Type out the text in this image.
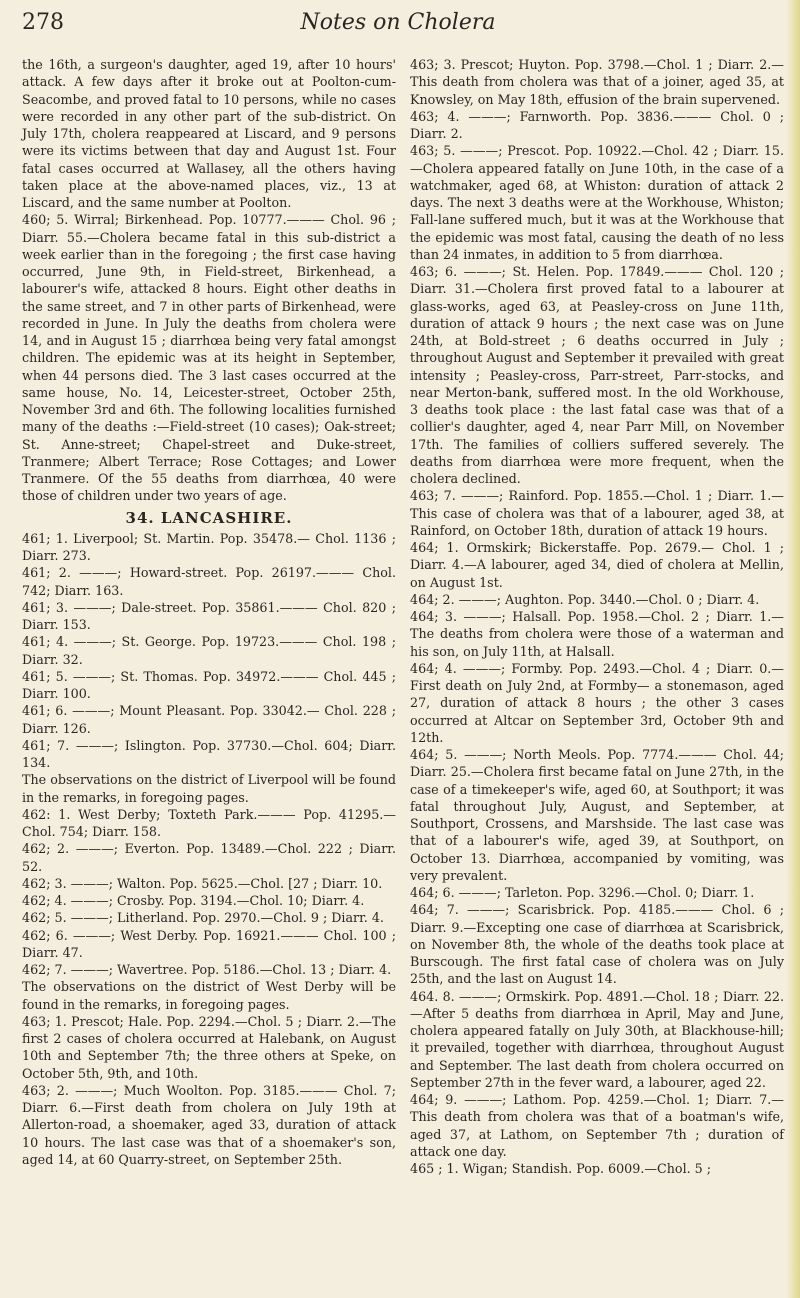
278	Notes on Cholera

the 16th, a surgeon's daughter, aged 19, after 10 hours' attack. A few days after it broke out at Poolton-cum-Seacombe, and proved fatal to 10 persons, while no cases were recorded in any other part of the sub-district. On July 17th, cholera reappeared at Liscard, and 9 persons were its victims between that day and August 1st. Four fatal cases occurred at Wallasey, all the others having taken place at the above-named places, viz., 13 at Liscard, and the same number at Poolton.

460; 5. Wirral; Birkenhead. Pop. 10777.——— Chol. 96 ; Diarr. 55.—Cholera became fatal in this sub-district a week earlier than in the foregoing ; the first case having occurred, June 9th, in Field-street, Birkenhead, a labourer's wife, attacked 8 hours. Eight other deaths in the same street, and 7 in other parts of Birkenhead, were recorded in June. In July the deaths from cholera were 14, and in August 15 ; diarrhœa being very fatal amongst children. The epidemic was at its height in September, when 44 persons died. The 3 last cases occurred at the same house, No. 14, Leicester-street, October 25th, November 3rd and 6th. The following localities furnished many of the deaths :—Field-street (10 cases); Oak-street; St. Anne-street; Chapel-street and Duke-street, Tranmere; Albert Terrace; Rose Cottages; and Lower Tranmere. Of the 55 deaths from diarrhœa, 40 were those of children under two years of age.

34. LANCASHIRE.

461; 1. Liverpool; St. Martin. Pop. 35478.— Chol. 1136 ; Diarr. 273.

461; 2. ———; Howard-street. Pop. 26197.——— Chol. 742; Diarr. 163.

461; 3. ———; Dale-street. Pop. 35861.——— Chol. 820 ; Diarr. 153.

461; 4. ———; St. George. Pop. 19723.——— Chol. 198 ; Diarr. 32.

461; 5. ———; St. Thomas. Pop. 34972.——— Chol. 445 ; Diarr. 100.

461; 6. ———; Mount Pleasant. Pop. 33042.— Chol. 228 ; Diarr. 126.

461; 7. ———; Islington. Pop. 37730.—Chol. 604; Diarr. 134.

The observations on the district of Liverpool will be found in the remarks, in foregoing pages.

462: 1. West Derby; Toxteth Park.——— Pop. 41295.—Chol. 754; Diarr. 158.

462; 2. ———; Everton. Pop. 13489.—Chol. 222 ; Diarr. 52.

462; 3. ———; Walton. Pop. 5625.—Chol. [27 ; Diarr. 10.

462; 4. ———; Crosby. Pop. 3194.—Chol. 10; Diarr. 4.

462; 5. ———; Litherland. Pop. 2970.—Chol. 9 ; Diarr. 4.

462; 6. ———; West Derby. Pop. 16921.——— Chol. 100 ; Diarr. 47.

462; 7. ———; Wavertree. Pop. 5186.—Chol. 13 ; Diarr. 4.

The observations on the district of West Derby will be found in the remarks, in foregoing pages.

463; 1. Prescot; Hale. Pop. 2294.—Chol. 5 ; Diarr. 2.—The first 2 cases of cholera occurred at Halebank, on August 10th and September 7th; the three others at Speke, on October 5th, 9th, and 10th.

463; 2. ———; Much Woolton. Pop. 3185.——— Chol. 7; Diarr. 6.—First death from cholera on July 19th at Allerton-road, a shoemaker, aged 33, duration of attack 10 hours. The last case was that of a shoemaker's son, aged 14, at 60 Quarry-street, on September 25th.

463; 3. Prescot; Huyton. Pop. 3798.—Chol. 1 ; Diarr. 2.—This death from cholera was that of a joiner, aged 35, at Knowsley, on May 18th, effusion of the brain supervened.

463; 4. ———; Farnworth. Pop. 3836.——— Chol. 0 ; Diarr. 2.

463; 5. ———; Prescot. Pop. 10922.—Chol. 42 ; Diarr. 15.—Cholera appeared fatally on June 10th, in the case of a watchmaker, aged 68, at Whiston: duration of attack 2 days. The next 3 deaths were at the Workhouse, Whiston; Fall-lane suffered much, but it was at the Workhouse that the epidemic was most fatal, causing the death of no less than 24 inmates, in addition to 5 from diarrhœa.

463; 6. ———; St. Helen. Pop. 17849.——— Chol. 120 ; Diarr. 31.—Cholera first proved fatal to a labourer at glass-works, aged 63, at Peasley-cross on June 11th, duration of attack 9 hours ; the next case was on June 24th, at Bold-street ; 6 deaths occurred in July ; throughout August and September it prevailed with great intensity ; Peasley-cross, Parr-street, Parr-stocks, and near Merton-bank, suffered most. In the old Workhouse, 3 deaths took place : the last fatal case was that of a collier's daughter, aged 4, near Parr Mill, on November 17th. The families of colliers suffered severely. The deaths from diarrhœa were more frequent, when the cholera declined.

463; 7. ———; Rainford. Pop. 1855.—Chol. 1 ; Diarr. 1.—This case of cholera was that of a labourer, aged 38, at Rainford, on October 18th, duration of attack 19 hours.

464; 1. Ormskirk; Bickerstaffe. Pop. 2679.— Chol. 1 ; Diarr. 4.—A labourer, aged 34, died of cholera at Mellin, on August 1st.

464; 2. ———; Aughton. Pop. 3440.—Chol. 0 ; Diarr. 4.

464; 3. ———; Halsall. Pop. 1958.—Chol. 2 ; Diarr. 1.—The deaths from cholera were those of a waterman and his son, on July 11th, at Halsall.

464; 4. ———; Formby. Pop. 2493.—Chol. 4 ; Diarr. 0.—First death on July 2nd, at Formby— a stonemason, aged 27, duration of attack 8 hours ; the other 3 cases occurred at Altcar on September 3rd, October 9th and 12th.

464; 5. ———; North Meols. Pop. 7774.——— Chol. 44; Diarr. 25.—Cholera first became fatal on June 27th, in the case of a timekeeper's wife, aged 60, at Southport; it was fatal throughout July, August, and September, at Southport, Crossens, and Marshside. The last case was that of a labourer's wife, aged 39, at Southport, on October 13. Diarrhœa, accompanied by vomiting, was very prevalent.

464; 6. ———; Tarleton. Pop. 3296.—Chol. 0; Diarr. 1.

464; 7. ———; Scarisbrick. Pop. 4185.——— Chol. 6 ; Diarr. 9.—Excepting one case of diarrhœa at Scarisbrick, on November 8th, the whole of the deaths took place at Burscough. The first fatal case of cholera was on July 25th, and the last on August 14.

464. 8. ———; Ormskirk. Pop. 4891.—Chol. 18 ; Diarr. 22.—After 5 deaths from diarrhœa in April, May and June, cholera appeared fatally on July 30th, at Blackhouse-hill; it prevailed, together with diarrhœa, throughout August and September. The last death from cholera occurred on September 27th in the fever ward, a labourer, aged 22.

464; 9. ———; Lathom. Pop. 4259.—Chol. 1; Diarr. 7.—This death from cholera was that of a boatman's wife, aged 37, at Lathom, on September 7th ; duration of attack one day.

465 ; 1. Wigan; Standish. Pop. 6009.—Chol. 5 ;
